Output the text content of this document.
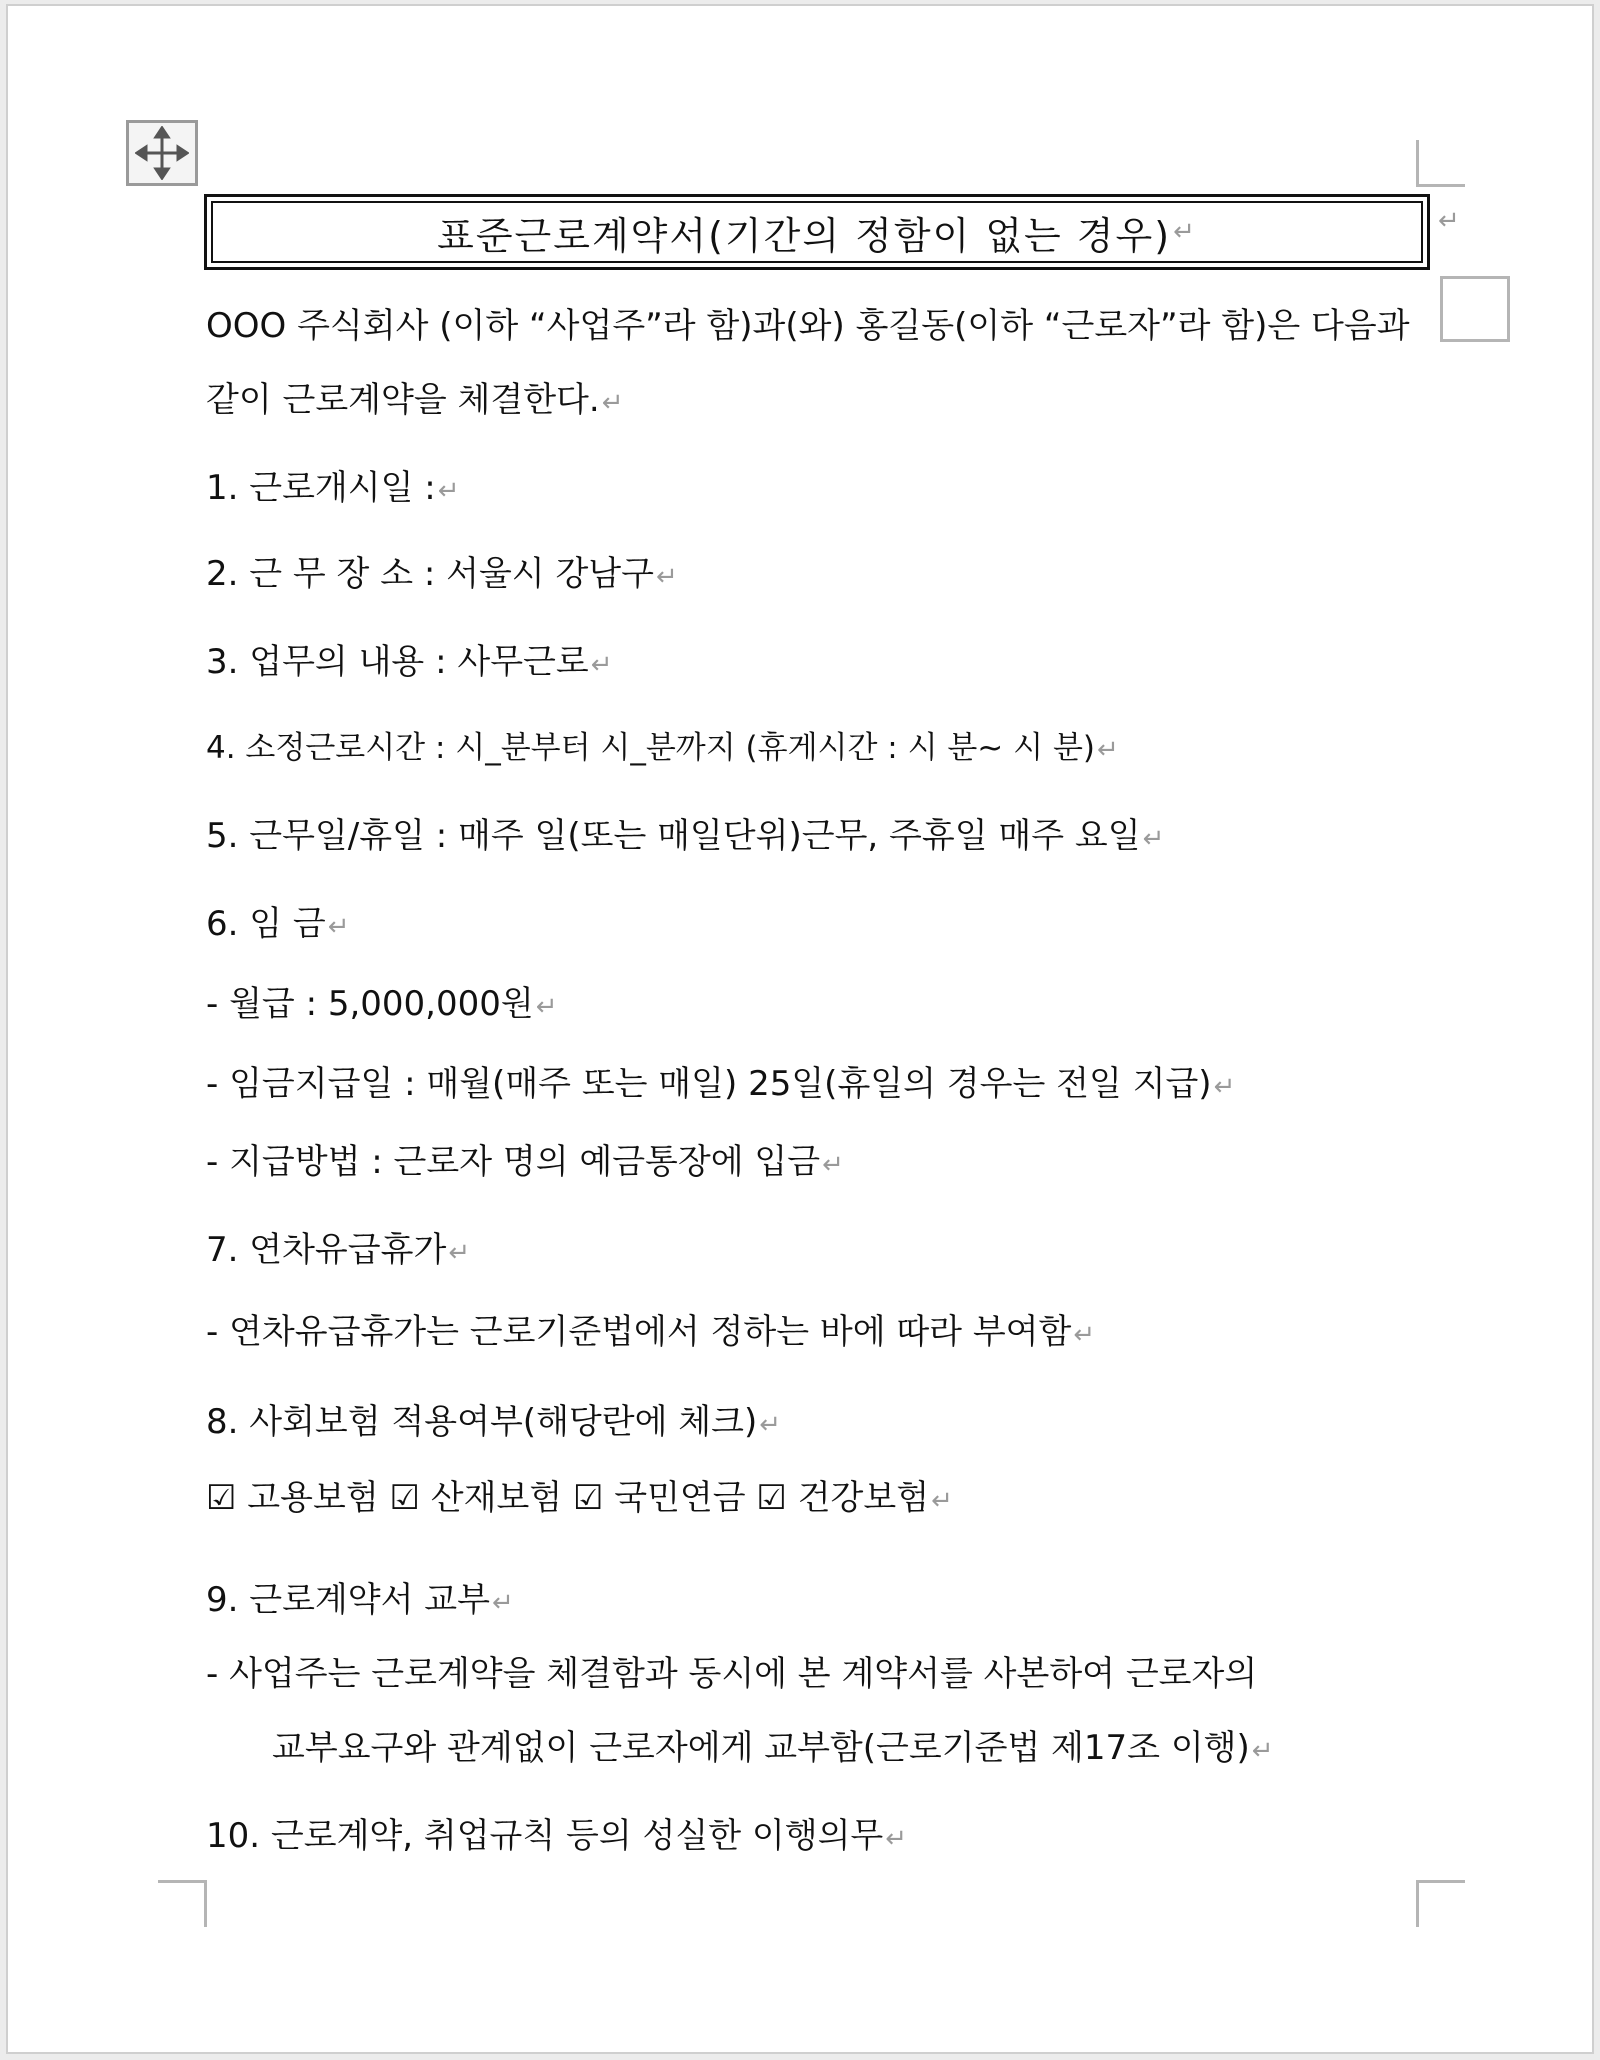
표준근로계약서(기간의 정함이 없는 경우) ↵	↵
OOO 주식회사 (이하 “사업주”라 함)과(와) 홍길동(이하 “근로자”라 함)은 다음과
같이 근로계약을 체결한다.↵
1. 근로개시일 :↵
2. 근 무 장 소 : 서울시 강남구↵
3. 업무의 내용 : 사무근로↵
4. 소정근로시간 : 시_분부터 시_분까지 (휴게시간 : 시 분~ 시 분)↵
5. 근무일/휴일 : 매주 일(또는 매일단위)근무, 주휴일 매주 요일↵
6. 임 금↵
- 월급 : 5,000,000원↵
- 임금지급일 : 매월(매주 또는 매일) 25일(휴일의 경우는 전일 지급)↵
- 지급방법 : 근로자 명의 예금통장에 입금↵
7. 연차유급휴가↵
- 연차유급휴가는 근로기준법에서 정하는 바에 따라 부여함↵
8. 사회보험 적용여부(해당란에 체크)↵
☑ 고용보험 ☑ 산재보험 ☑ 국민연금 ☑ 건강보험↵
9. 근로계약서 교부↵
- 사업주는 근로계약을 체결함과 동시에 본 계약서를 사본하여 근로자의
교부요구와 관계없이 근로자에게 교부함(근로기준법 제17조 이행)↵
10. 근로계약, 취업규칙 등의 성실한 이행의무↵
